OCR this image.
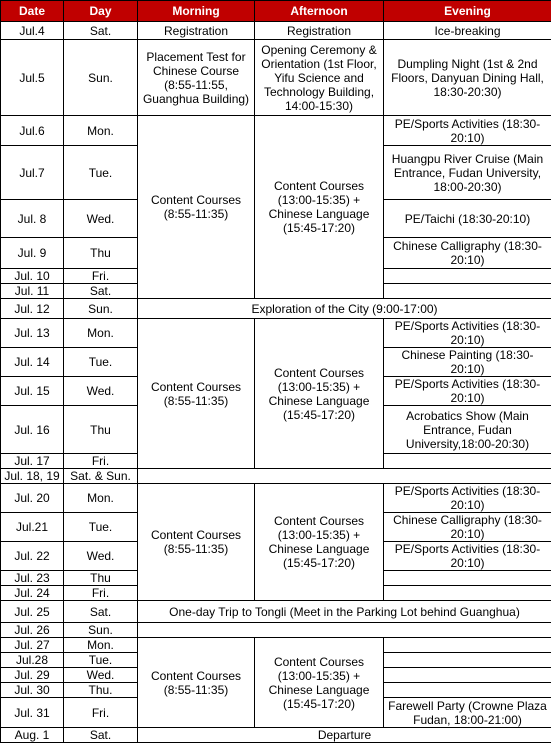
Date	Day	Morning	Afternoon	Evening
Jul.4	Sat.	Registration	Registration	Ice-breaking
Jul.5	Sun.	Placement Test for Chinese Course (8:55-11:55, Guanghua Building)	Opening Ceremony & Orientation (1st Floor, Yifu Science and Technology Building, 14:00-15:30)	Dumpling Night (1st & 2nd Floors, Danyuan Dining Hall, 18:30-20:30)
Jul.6	Mon.	Content Courses (8:55-11:35)	Content Courses (13:00-15:35) + Chinese Language (15:45-17:20)	PE/Sports Activities (18:30-20:10)
Jul.7	Tue.			Huangpu River Cruise (Main Entrance, Fudan University, 18:00-20:30)
Jul. 8	Wed.			PE/Taichi (18:30-20:10)
Jul. 9	Thu			Chinese Calligraphy (18:30-20:10)
Jul. 10	Fri.			
Jul. 11	Sat.			
Jul. 12	Sun.	Exploration of the City (9:00-17:00)		
Jul. 13	Mon.	Content Courses (8:55-11:35)	Content Courses (13:00-15:35) + Chinese Language (15:45-17:20)	PE/Sports Activities (18:30-20:10)
Jul. 14	Tue.			Chinese Painting (18:30-20:10)
Jul. 15	Wed.			PE/Sports Activities (18:30-20:10)
Jul. 16	Thu			Acrobatics Show (Main Entrance, Fudan University,18:00-20:30)
Jul. 17	Fri.			
Jul. 18, 19	Sat. & Sun.			
Jul. 20	Mon.	Content Courses (8:55-11:35)	Content Courses (13:00-15:35) + Chinese Language (15:45-17:20)	PE/Sports Activities (18:30-20:10)
Jul.21	Tue.			Chinese Calligraphy (18:30-20:10)
Jul. 22	Wed.			PE/Sports Activities (18:30-20:10)
Jul. 23	Thu			
Jul. 24	Fri.			
Jul. 25	Sat.	One-day Trip to Tongli (Meet in the Parking Lot behind Guanghua)		
Jul. 26	Sun.			
Jul. 27	Mon.	Content Courses (8:55-11:35)	Content Courses (13:00-15:35) + Chinese Language (15:45-17:20)	
Jul.28	Tue.			
Jul. 29	Wed.			
Jul. 30	Thu.			
Jul. 31	Fri.			Farewell Party (Crowne Plaza Fudan, 18:00-21:00)
Aug. 1	Sat.	Departure		
